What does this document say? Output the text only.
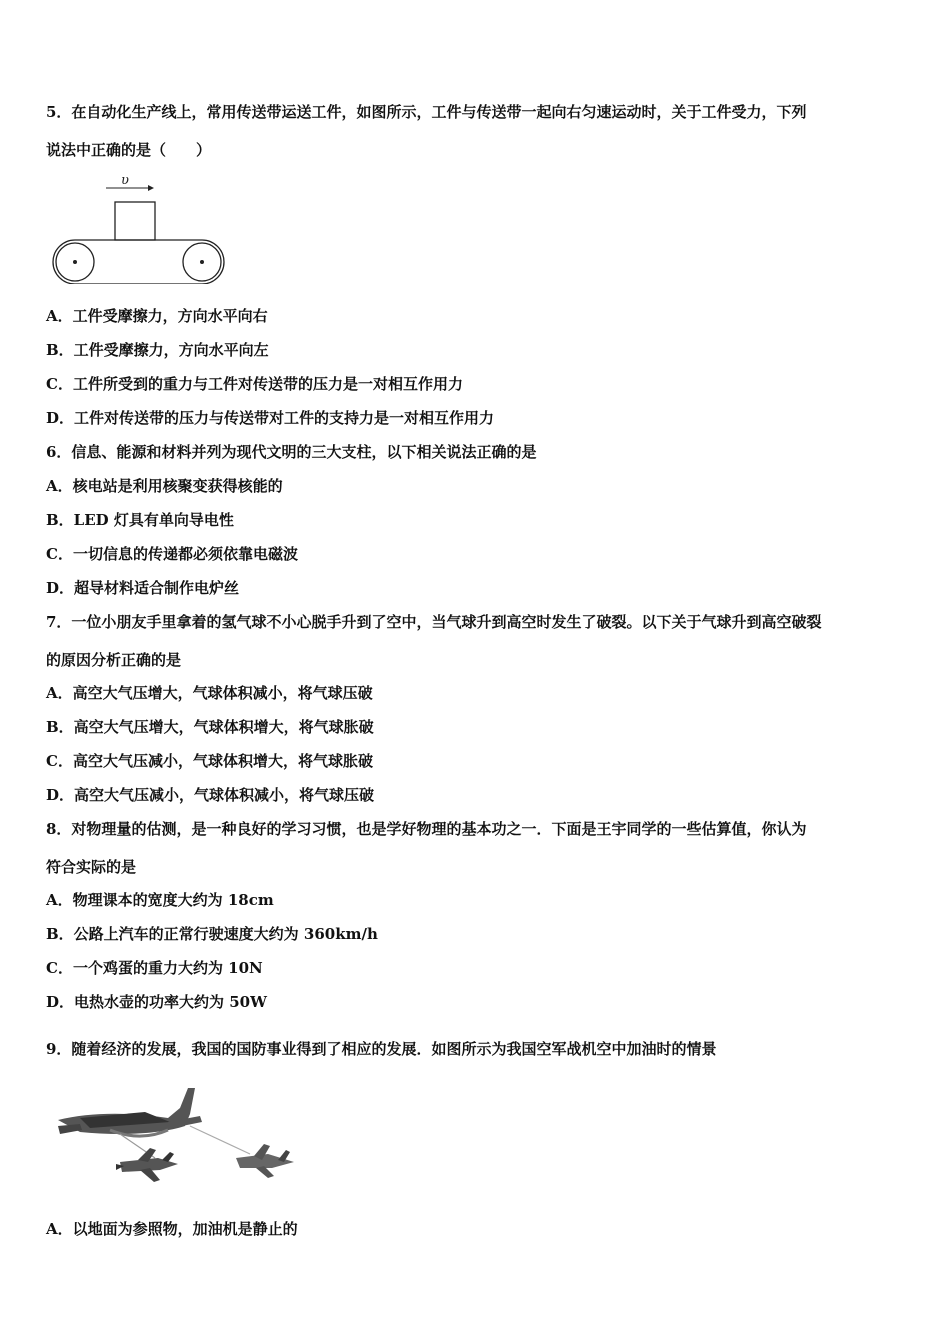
5．在自动化生产线上，常用传送带运送工件，如图所示，工件与传送带一起向右匀速运动时，关于工件受力，下列
说法中正确的是（　　）
υ
A．工件受摩擦力，方向水平向右
B．工件受摩擦力，方向水平向左
C．工件所受到的重力与工件对传送带的压力是一对相互作用力
D．工件对传送带的压力与传送带对工件的支持力是一对相互作用力
6．信息、能源和材料并列为现代文明的三大支柱，以下相关说法正确的是
A．核电站是利用核聚变获得核能的
B．LED 灯具有单向导电性
C．一切信息的传递都必须依靠电磁波
D．超导材料适合制作电炉丝
7．一位小朋友手里拿着的氢气球不小心脱手升到了空中，当气球升到高空时发生了破裂。以下关于气球升到高空破裂
的原因分析正确的是
A．高空大气压增大，气球体积减小，将气球压破
B．高空大气压增大，气球体积增大，将气球胀破
C．高空大气压减小，气球体积增大，将气球胀破
D．高空大气压减小，气球体积减小，将气球压破
8．对物理量的估测，是一种良好的学习习惯，也是学好物理的基本功之一．下面是王宇同学的一些估算值，你认为
符合实际的是
A．物理课本的宽度大约为 18cm
B．公路上汽车的正常行驶速度大约为 360km/h
C．一个鸡蛋的重力大约为 10N
D．电热水壶的功率大约为 50W
9．随着经济的发展，我国的国防事业得到了相应的发展．如图所示为我国空军战机空中加油时的情景
A．以地面为参照物，加油机是静止的
